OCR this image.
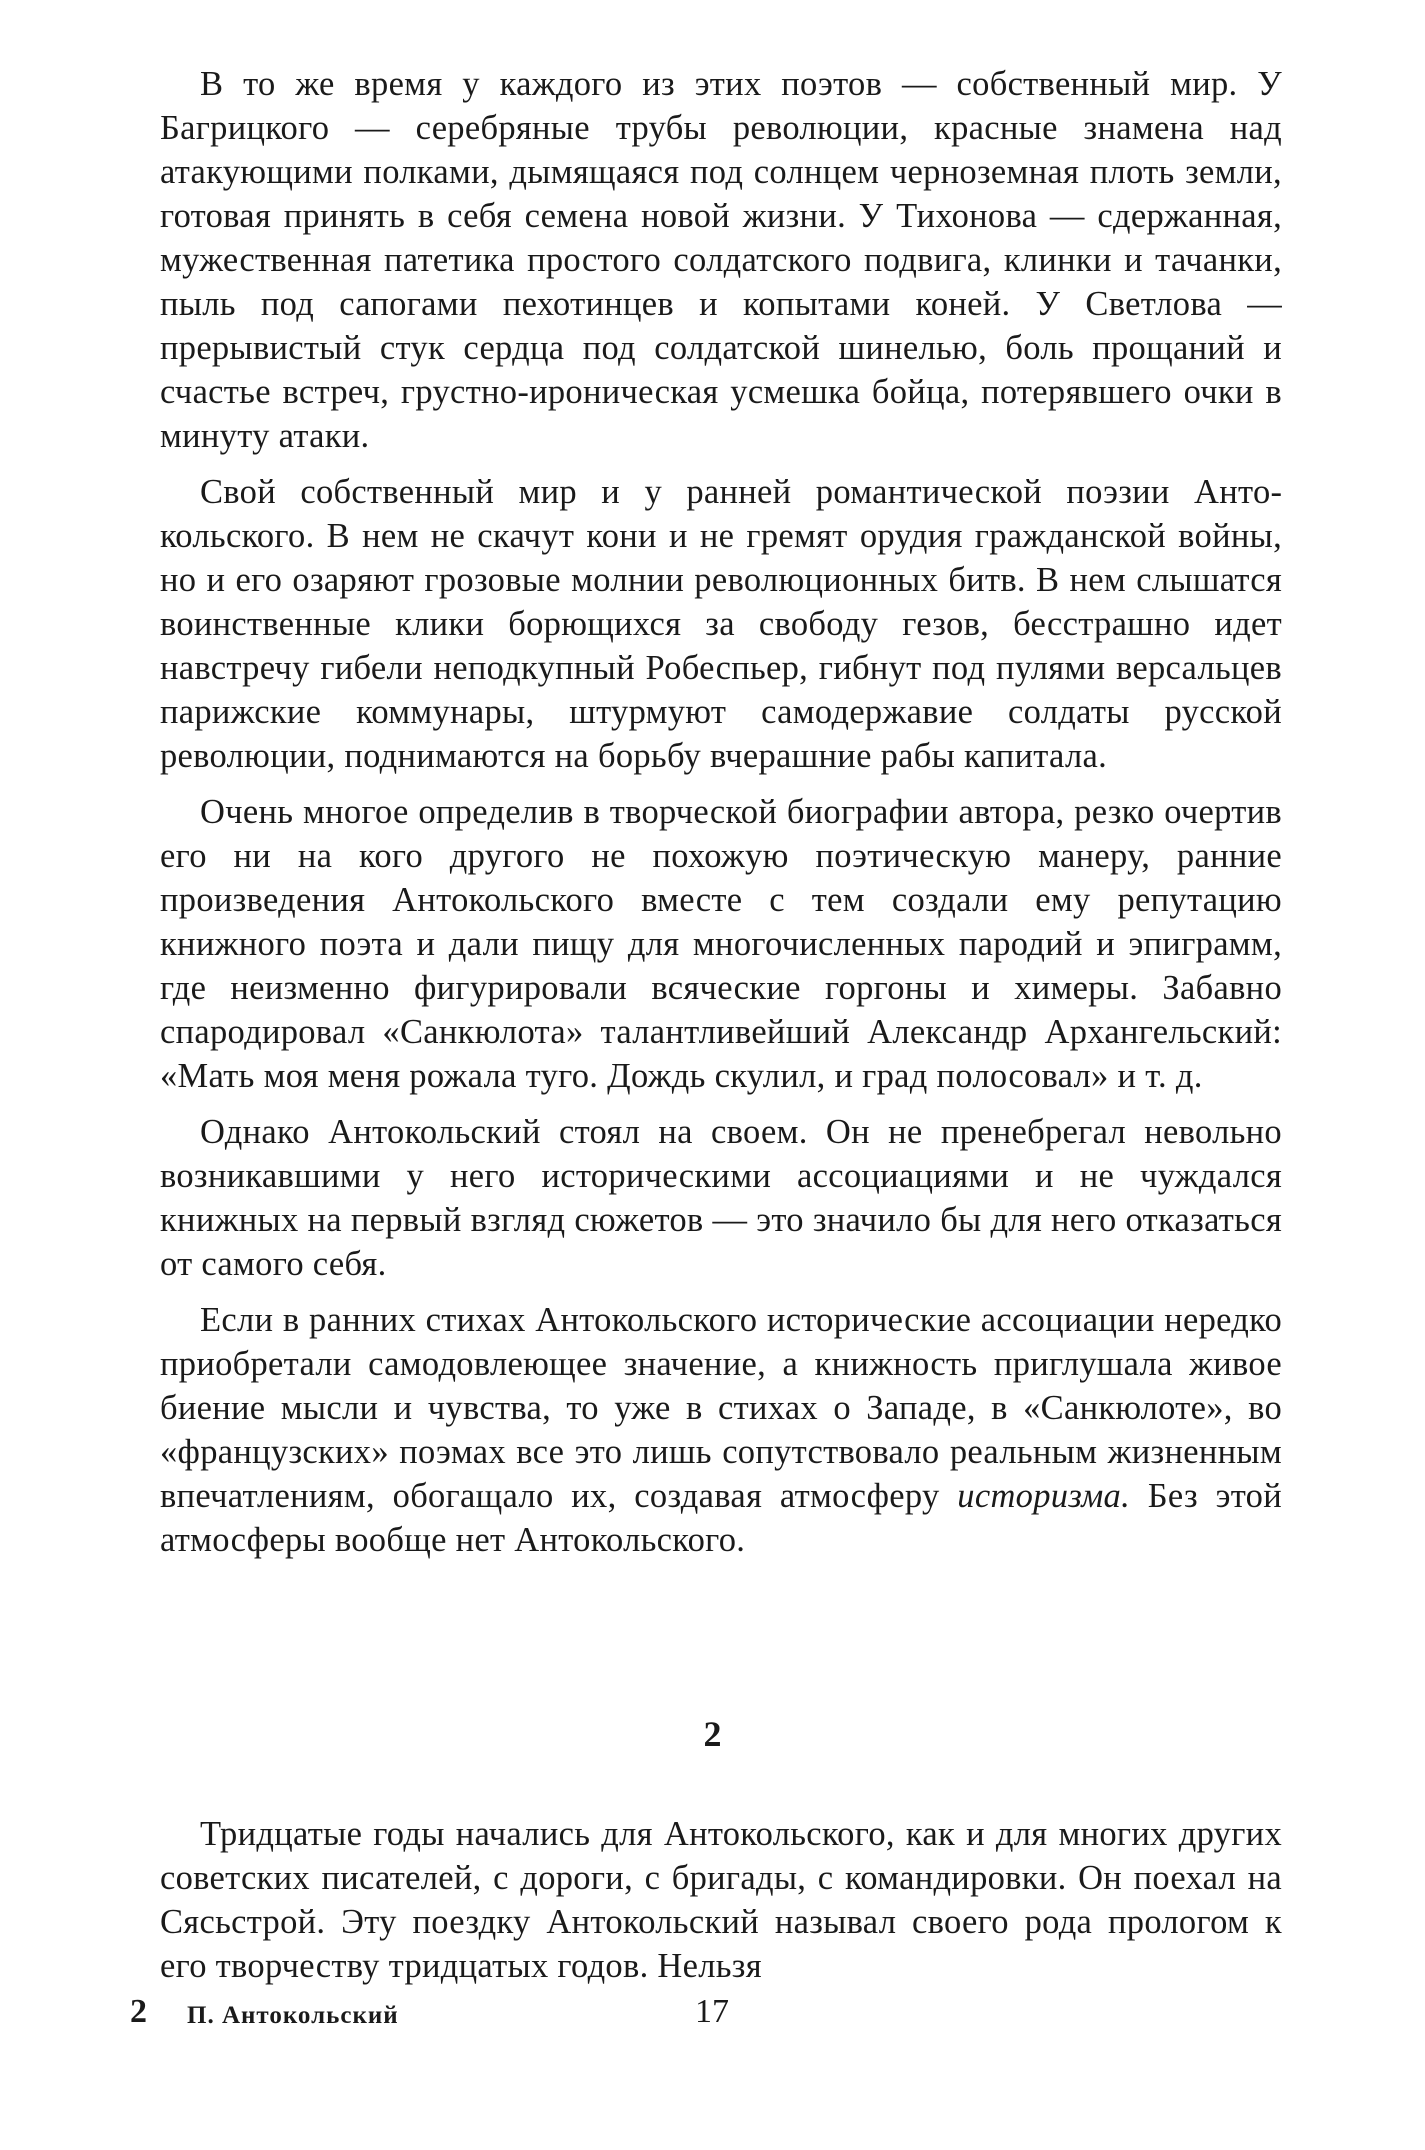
В то же время у каждого из этих поэтов — собственный мир. У Багрицкого — серебряные трубы революции, красные знамена над атакующими полками, дымящаяся под солнцем черноземная плоть земли, готовая принять в себя семена новой жизни. У Тихонова — сдержанная, мужественная патетика простого солдатского подвига, клинки и тачанки, пыль под сапогами пехотинцев и копытами коней. У Светлова — прерывистый стук сердца под солдатской шинелью, боль прощаний и счастье встреч, грустно-ироническая усмешка бойца, потерявшего очки в минуту атаки.

Свой собственный мир и у ранней романтической поэзии Антокольского. В нем не скачут кони и не гремят орудия гражданской войны, но и его озаряют грозовые молнии революционных битв. В нем слышатся воинственные клики борющихся за свободу гезов, бесстрашно идет навстречу гибели неподкупный Робеспьер, гибнут под пулями версальцев парижские коммунары, штурмуют самодержавие солдаты русской революции, поднимаются на борьбу вчерашние рабы капитала.

Очень многое определив в творческой биографии автора, резко очертив его ни на кого другого не похожую поэтическую манеру, ранние произведения Антокольского вместе с тем создали ему репутацию книжного поэта и дали пищу для многочисленных пародий и эпиграмм, где неизменно фигурировали всяческие горгоны и химеры. Забавно спародировал «Санкюлота» талантливейший Александр Архангельский: «Мать моя меня рожала туго. Дождь скулил, и град полосовал» и т. д.

Однако Антокольский стоял на своем. Он не пренебрегал невольно возникавшими у него историческими ассоциациями и не чуждался книжных на первый взгляд сюжетов — это значило бы для него отказаться от самого себя.

Если в ранних стихах Антокольского исторические ассоциации нередко приобретали самодовлеющее значение, а книжность приглушала живое биение мысли и чувства, то уже в стихах о Западе, в «Санкюлоте», во «французских» поэмах все это лишь сопутствовало реальным жизненным впечатлениям, обогащало их, создавая атмосферу историзма. Без этой атмосферы вообще нет Антокольского.

2

Тридцатые годы начались для Антокольского, как и для многих других советских писателей, с дороги, с бригады, с командировки. Он поехал на Сясьстрой. Эту поездку Антокольский называл своего рода прологом к его творчеству тридцатых годов. Нельзя

2 П. Антокольский	17
